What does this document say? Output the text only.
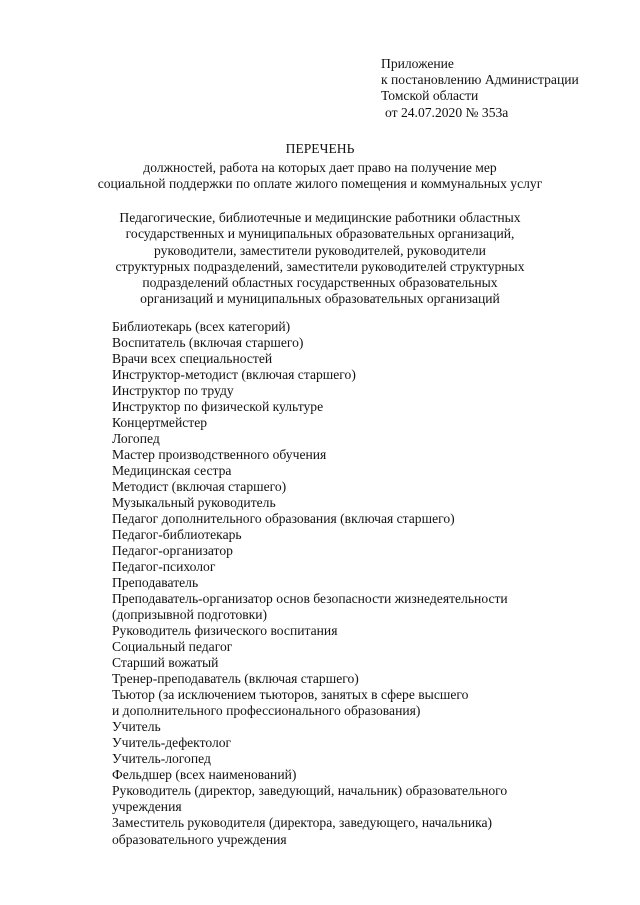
Приложение
к постановлению Администрации
Томской области
от 24.07.2020 № 353а
ПЕРЕЧЕНЬ
должностей, работа на которых дает право на получение мер
социальной поддержки по оплате жилого помещения и коммунальных услуг
Педагогические, библиотечные и медицинские работники областных
государственных и муниципальных образовательных организаций,
руководители, заместители руководителей, руководители
структурных подразделений, заместители руководителей структурных
подразделений областных государственных образовательных
организаций и муниципальных образовательных организаций
Библиотекарь (всех категорий)
Воспитатель (включая старшего)
Врачи всех специальностей
Инструктор-методист (включая старшего)
Инструктор по труду
Инструктор по физической культуре
Концертмейстер
Логопед
Мастер производственного обучения
Медицинская сестра
Методист (включая старшего)
Музыкальный руководитель
Педагог дополнительного образования (включая старшего)
Педагог-библиотекарь
Педагог-организатор
Педагог-психолог
Преподаватель
Преподаватель-организатор основ безопасности жизнедеятельности
(допризывной подготовки)
Руководитель физического воспитания
Социальный педагог
Старший вожатый
Тренер-преподаватель (включая старшего)
Тьютор (за исключением тьюторов, занятых в сфере высшего
и дополнительного профессионального образования)
Учитель
Учитель-дефектолог
Учитель-логопед
Фельдшер (всех наименований)
Руководитель (директор, заведующий, начальник) образовательного
учреждения
Заместитель руководителя (директора, заведующего, начальника)
образовательного учреждения
